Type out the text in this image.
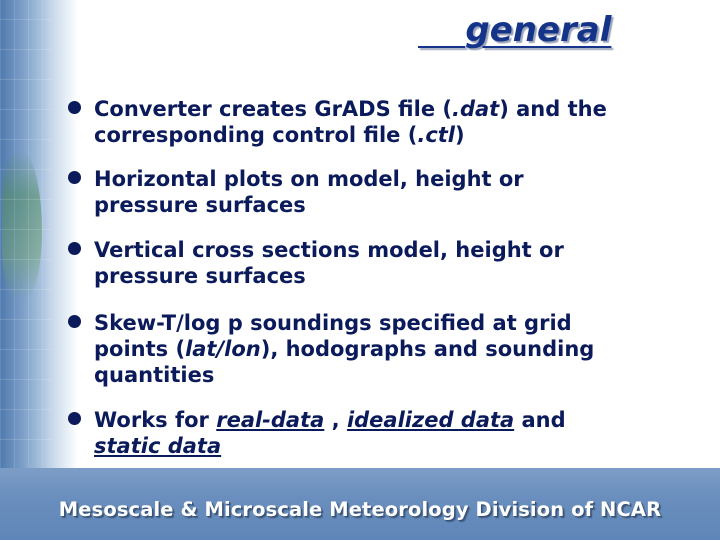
general
Converter creates GrADS file (.dat) and the
corresponding control file (.ctl)
Horizontal plots on model, height or
pressure surfaces
Vertical cross sections model, height or
pressure surfaces
Skew-T/log p soundings specified at grid
points (lat/lon), hodographs and sounding
quantities
Works for real-data , idealized data and
static data
Mesoscale & Microscale Meteorology Division of NCAR
